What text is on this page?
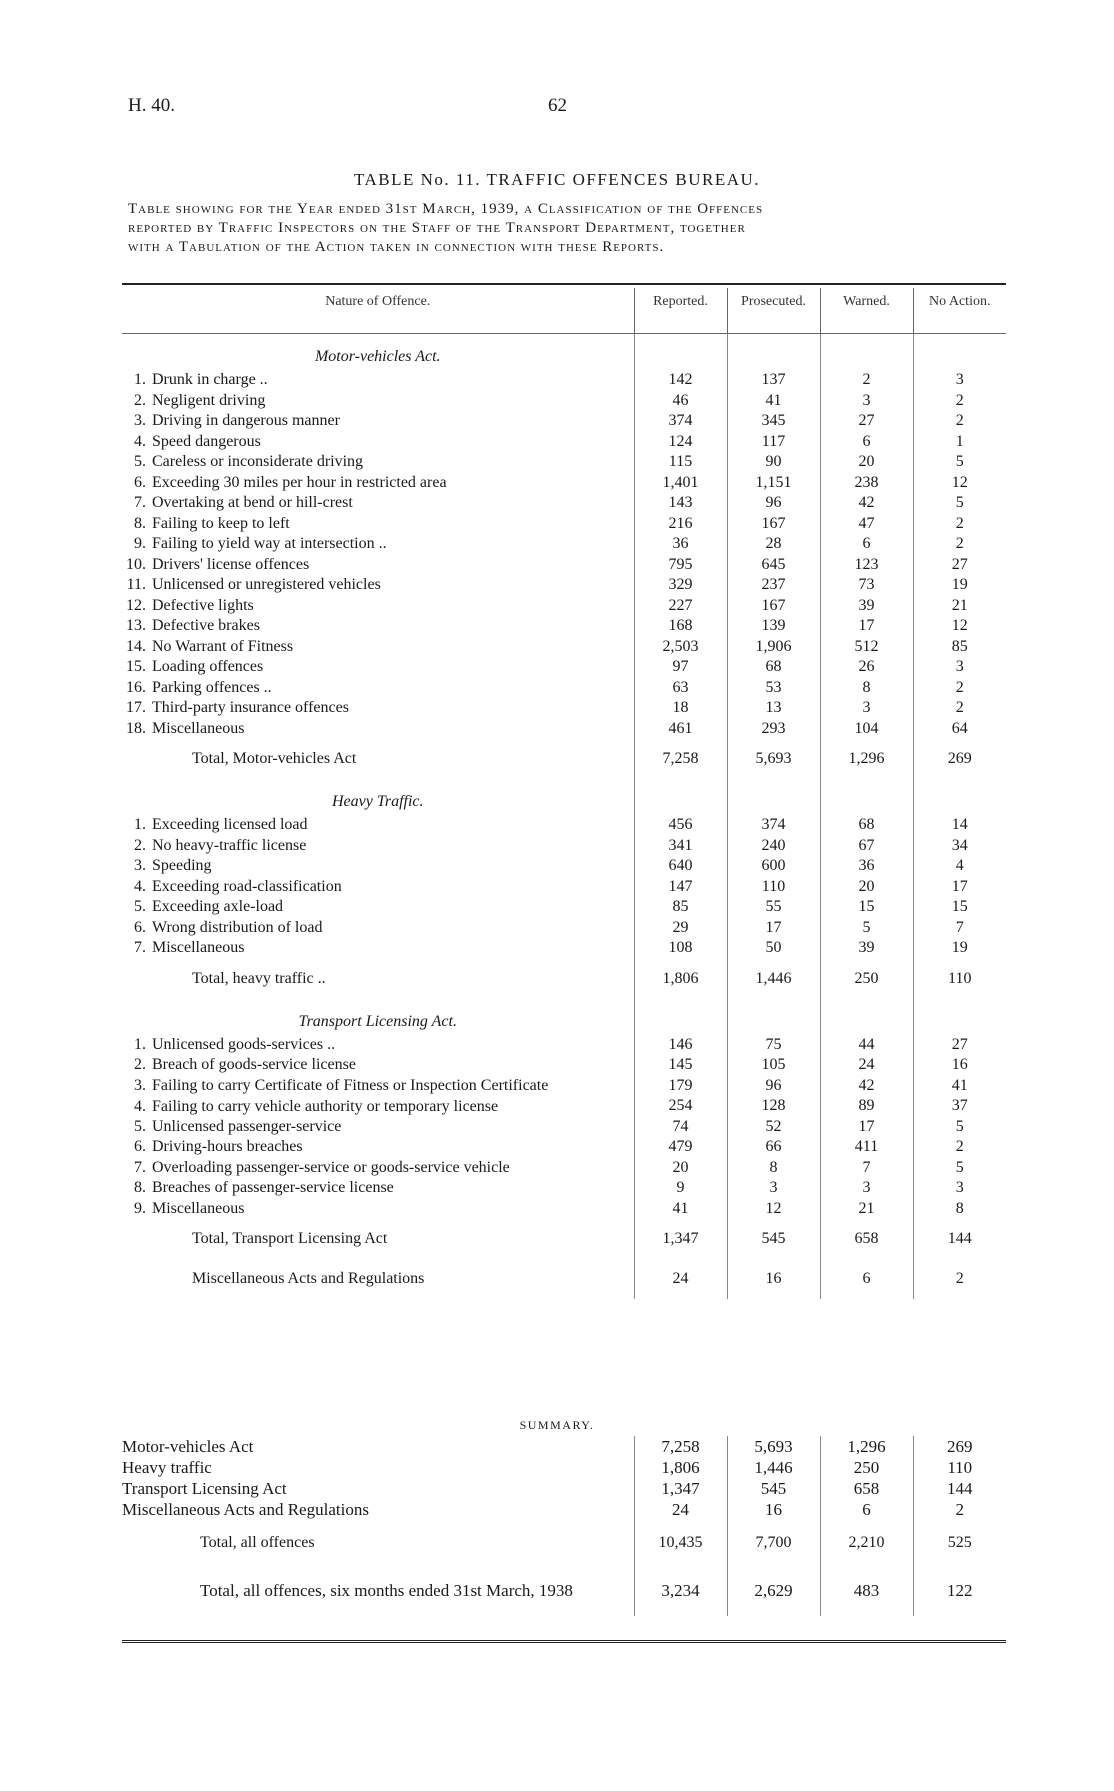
H. 40.	62
TABLE No. 11. TRAFFIC OFFENCES BUREAU.
Table showing for the Year ended 31st March, 1939, a Classification of the Offences
reported by Traffic Inspectors on the Staff of the Transport Department, together
with a Tabulation of the Action taken in connection with these Reports.
Nature of Offence.	Reported.	Prosecuted.	Warned.	No Action.
Motor-vehicles Act.				
1. Drunk in charge ..	142	137	2	3
2. Negligent driving	46	41	3	2
3. Driving in dangerous manner	374	345	27	2
4. Speed dangerous	124	117	6	1
5. Careless or inconsiderate driving	115	90	20	5
6. Exceeding 30 miles per hour in restricted area	1,401	1,151	238	12
7. Overtaking at bend or hill-crest	143	96	42	5
8. Failing to keep to left	216	167	47	2
9. Failing to yield way at intersection ..	36	28	6	2
10. Drivers' license offences	795	645	123	27
11. Unlicensed or unregistered vehicles	329	237	73	19
12. Defective lights	227	167	39	21
13. Defective brakes	168	139	17	12
14. No Warrant of Fitness	2,503	1,906	512	85
15. Loading offences	97	68	26	3
16. Parking offences ..	63	53	8	2
17. Third-party insurance offences	18	13	3	2
18. Miscellaneous	461	293	104	64
Total, Motor-vehicles Act	7,258	5,693	1,296	269
Heavy Traffic.				
1. Exceeding licensed load	456	374	68	14
2. No heavy-traffic license	341	240	67	34
3. Speeding	640	600	36	4
4. Exceeding road-classification	147	110	20	17
5. Exceeding axle-load	85	55	15	15
6. Wrong distribution of load	29	17	5	7
7. Miscellaneous	108	50	39	19
Total, heavy traffic ..	1,806	1,446	250	110
Transport Licensing Act.				
1. Unlicensed goods-services ..	146	75	44	27
2. Breach of goods-service license	145	105	24	16
3. Failing to carry Certificate of Fitness or Inspection Certificate	179	96	42	41
4. Failing to carry vehicle authority or temporary license	254	128	89	37
5. Unlicensed passenger-service	74	52	17	5
6. Driving-hours breaches	479	66	411	2
7. Overloading passenger-service or goods-service vehicle	20	8	7	5
8. Breaches of passenger-service license	9	3	3	3
9. Miscellaneous	41	12	21	8
Total, Transport Licensing Act	1,347	545	658	144
Miscellaneous Acts and Regulations	24	16	6	2
SUMMARY.
Motor-vehicles Act	7,258	5,693	1,296	269
Heavy traffic	1,806	1,446	250	110
Transport Licensing Act	1,347	545	658	144
Miscellaneous Acts and Regulations	24	16	6	2
Total, all offences	10,435	7,700	2,210	525
Total, all offences, six months ended 31st March, 1938	3,234	2,629	483	122
